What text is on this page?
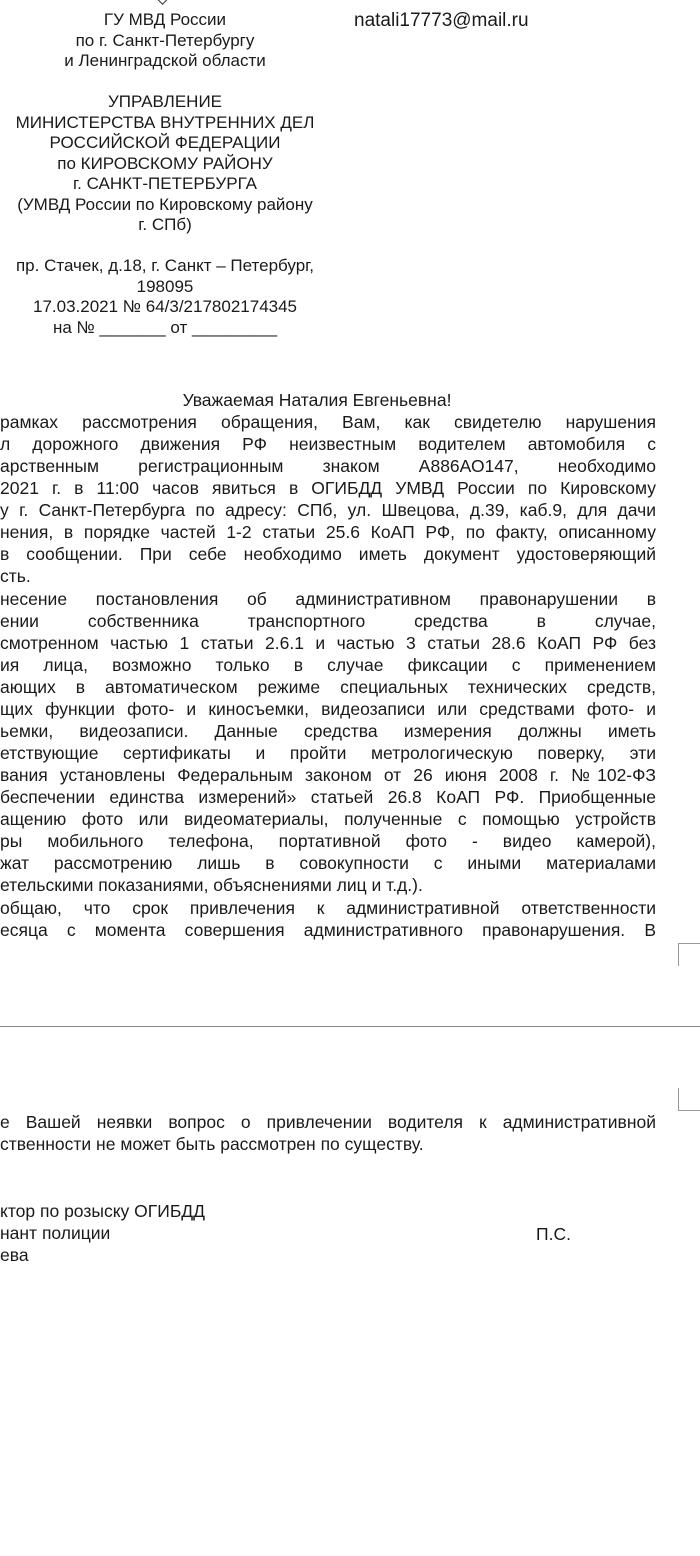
ГУ МВД России
по г. Санкт-Петербургу
и Ленинградской области
УПРАВЛЕНИЕ
МИНИСТЕРСТВА ВНУТРЕННИХ ДЕЛ
РОССИЙСКОЙ ФЕДЕРАЦИИ
по КИРОВСКОМУ РАЙОНУ
г. САНКТ-ПЕТЕРБУРГА
(УМВД России по Кировскому району
г. СПб)
пр. Стачек, д.18, г. Санкт – Петербург,
198095
17.03.2021 № 64/3/217802174345
на № _______ от _________
natali17773@mail.ru
Уважаемая Наталия Евгеньевна!
рамках рассмотрения обращения, Вам, как свидетелю нарушения
л дорожного движения РФ неизвестным водителем автомобиля с
арственным регистрационным знаком А886АО147, необходимо
2021 г. в 11:00 часов явиться в ОГИБДД УМВД России по Кировскому
у г. Санкт-Петербурга по адресу: СПб, ул. Швецова, д.39, каб.9, для дачи
нения, в порядке частей 1-2 статьи 25.6 КоАП РФ, по факту, описанному
в сообщении. При себе необходимо иметь документ удостоверяющий
сть.
несение постановления об административном правонарушении в
ении собственника транспортного средства в случае,
смотренном частью 1 статьи 2.6.1 и частью 3 статьи 28.6 КоАП РФ без
ия лица, возможно только в случае фиксации с применением
ающих в автоматическом режиме специальных технических средств,
щих функции фото- и киносъемки, видеозаписи или средствами фото- и
ьемки, видеозаписи. Данные средства измерения должны иметь
етствующие сертификаты и пройти метрологическую поверку, эти
вания установлены Федеральным законом от 26 июня 2008 г. №102-ФЗ
беспечении единства измерений» статьей 26.8 КоАП РФ. Приобщенные
ащению фото или видеоматериалы, полученные с помощью устройств
ры мобильного телефона, портативной фото - видео камерой),
жат рассмотрению лишь в совокупности с иными материалами
етельскими показаниями, объяснениями лиц и т.д.).
общаю, что срок привлечения к административной ответственности
есяца с момента совершения административного правонарушения. В
е Вашей неявки вопрос о привлечении водителя к административной
ственности не может быть рассмотрен по существу.
ктор по розыску ОГИБДД
нант полиции
ева
П.С.
